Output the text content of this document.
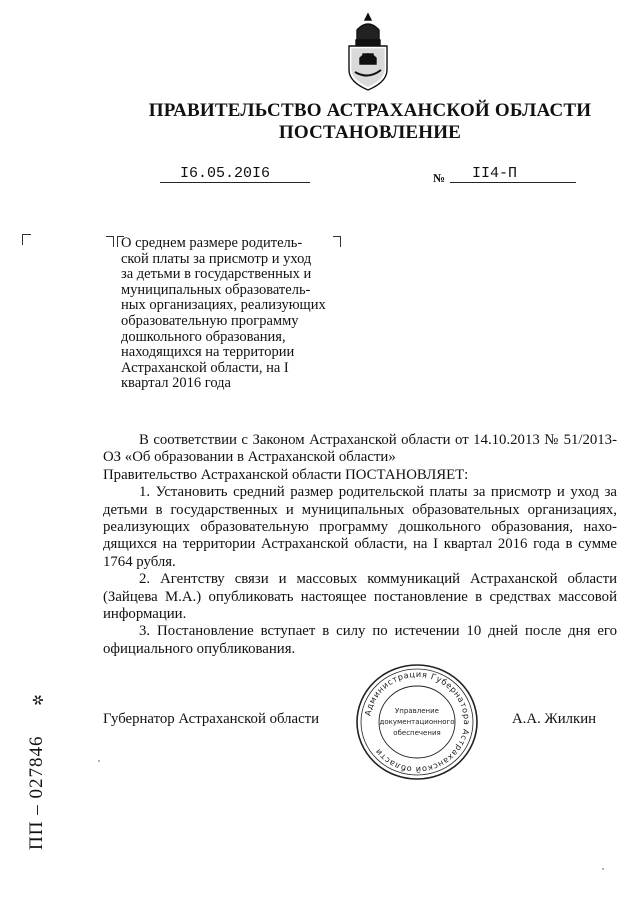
ПРАВИТЕЛЬСТВО АСТРАХАНСКОЙ ОБЛАСТИ
ПОСТАНОВЛЕНИЕ
I6.05.20I6	№ II4-П
О среднем размере родитель-
ской платы за присмотр и уход
за детьми в государственных и
муниципальных образователь-
ных организациях, реализующих
образовательную программу
дошкольного образования,
находящихся на территории
Астраханской области, на I
квартал 2016 года

В соответствии с Законом Астраханской области от 14.10.2013 № 51/2013-ОЗ «Об образовании в Астраханской области»

Правительство Астраханской области ПОСТАНОВЛЯЕТ:

1. Установить средний размер родительской платы за присмотр и уход за детьми в государственных и муниципальных образовательных организациях, реализующих образовательную программу дошкольного образования, нахо-дящихся на территории Астраханской области, на I квартал 2016 года в сумме 1764 рубля.

2. Агентству связи и массовых коммуникаций Астраханской области (Зайцева М.А.) опубликовать настоящее постановление в средствах массовой информации.

3. Постановление вступает в силу по истечении 10 дней после дня его официального опубликования.

Губернатор Астраханской области	А.А. Жилкин
Администрация Губернатора Астраханской области
Управление
документационного
обеспечения
ПП – 027846
✲
